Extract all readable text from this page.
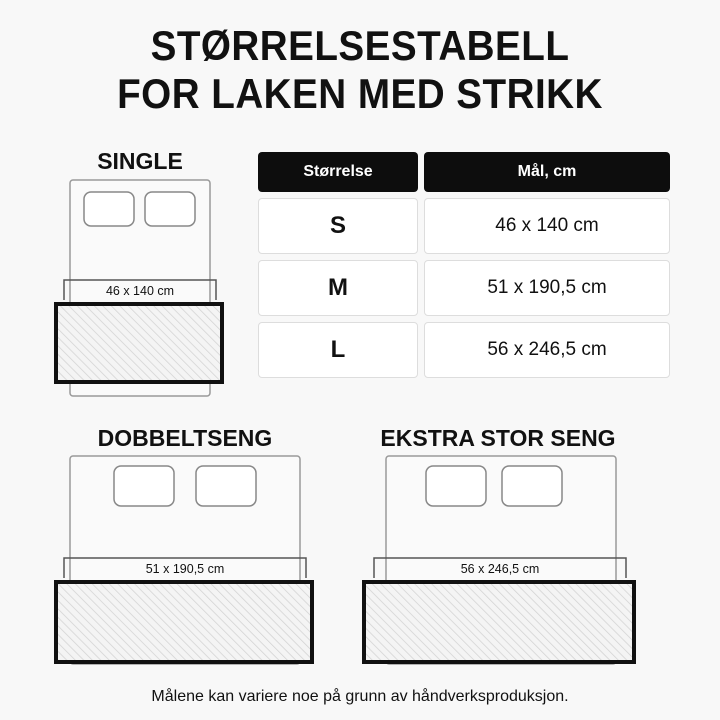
STØRRELSESTABELL
FOR LAKEN MED STRIKK
SINGLE
46 x 140 cm
Størrelse	Mål, cm
S	46 x 140 cm
M	51 x 190,5 cm
L	56 x 246,5 cm
DOBBELTSENG
51 x 190,5 cm
EKSTRA STOR SENG
56 x 246,5 cm
Målene kan variere noe på grunn av håndverksproduksjon.
